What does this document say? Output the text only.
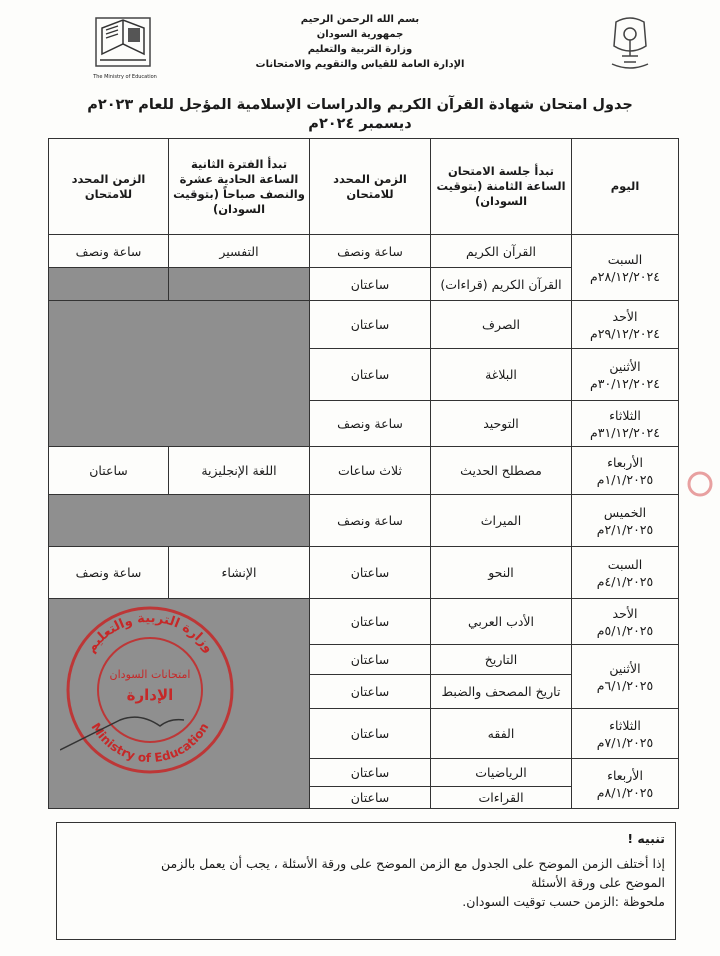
The Ministry of Education
بسم الله الرحمن الرحيم
جمهورية السودان
وزارة التربية والتعليم
الإدارة العامة للقياس والتقويم والامتحانات
جدول امتحان شهادة القرآن الكريم والدراسات الإسلامية المؤجل للعام ٢٠٢٣م
ديسمبر ٢٠٢٤م
اليوم	تبدأ جلسة الامتحان الساعة الثامنة (بتوقيت السودان)	الزمن المحدد للامتحان	تبدأ الفترة الثانية الساعة الحادية عشرة والنصف صباحاً (بتوقيت السودان)	الزمن المحدد للامتحان

السبت
٢٨/١٢/٢٠٢٤م	القرآن الكريم	ساعة ونصف	التفسير	ساعة ونصف
	القرآن الكريم (قراءات)	ساعتان		

الأحد
٢٩/١٢/٢٠٢٤م	الصرف	ساعتان		

الأثنين
٣٠/١٢/٢٠٢٤م	البلاغة	ساعتان		

الثلاثاء
٣١/١٢/٢٠٢٤م	التوحيد	ساعة ونصف		

الأربعاء
١/١/٢٠٢٥م	مصطلح الحديث	ثلاث ساعات	اللغة الإنجليزية	ساعتان

الخميس
٢/١/٢٠٢٥م	الميراث	ساعة ونصف		

السبت
٤/١/٢٠٢٥م	النحو	ساعتان	الإنشاء	ساعة ونصف

الأحد
٥/١/٢٠٢٥م	الأدب العربي	ساعتان		

الأثنين
٦/١/٢٠٢٥م	التاريخ	ساعتان		
	تاريخ المصحف والضبط	ساعتان		

الثلاثاء
٧/١/٢٠٢٥م	الفقه	ساعتان		

الأربعاء
٨/١/٢٠٢٥م	الرياضيات	ساعتان		
	القراءات	ساعتان		
وزارة التربية والتعليم
Ministry of Education
امتحانات السودان
الإدارة
تنبيه !
إذا أختلف الزمن الموضح على الجدول مع الزمن الموضح على ورقة الأسئلة ، يجب أن يعمل بالزمن
الموضح على ورقة الأسئلة
ملحوظة :الزمن حسب توقيت السودان.
